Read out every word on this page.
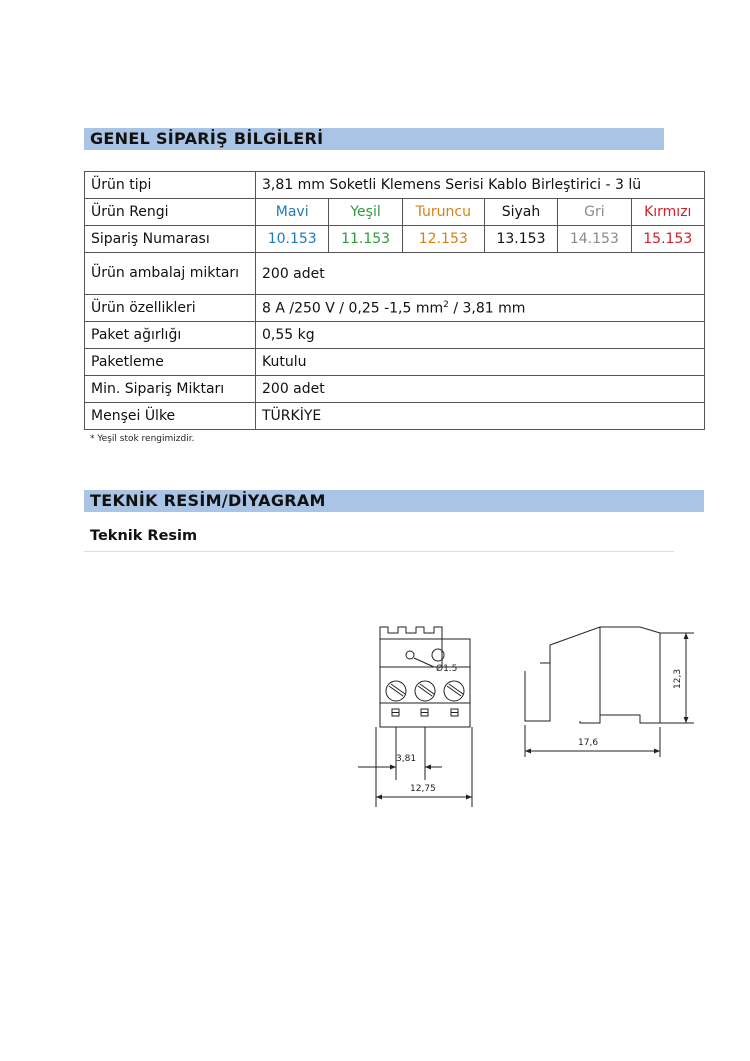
GENEL SİPARİŞ BİLGİLERİ
Ürün tipi	3,81 mm Soketli Klemens Serisi Kablo Birleştirici - 3 lü					
Ürün Rengi	Mavi	Yeşil	Turuncu	Siyah	Gri	Kırmızı
Sipariş Numarası	10.153	11.153	12.153	13.153	14.153	15.153
Ürün ambalaj miktarı	200 adet					
Ürün özellikleri	8 A /250 V / 0,25 -1,5 $mm^2 / 3,81$ mm					
Paket ağırlığı	0,55 kg					
Paketleme	Kutulu					
Min. Sipariş Miktarı	200 adet					
Menşei Ülke	TÜRKİYE					
* Yeşil stok rengimizdir.
TEKNİK RESİM/DİYAGRAM
Teknik Resim
Ø1.5
3,81
12,75
17,6
12,3
